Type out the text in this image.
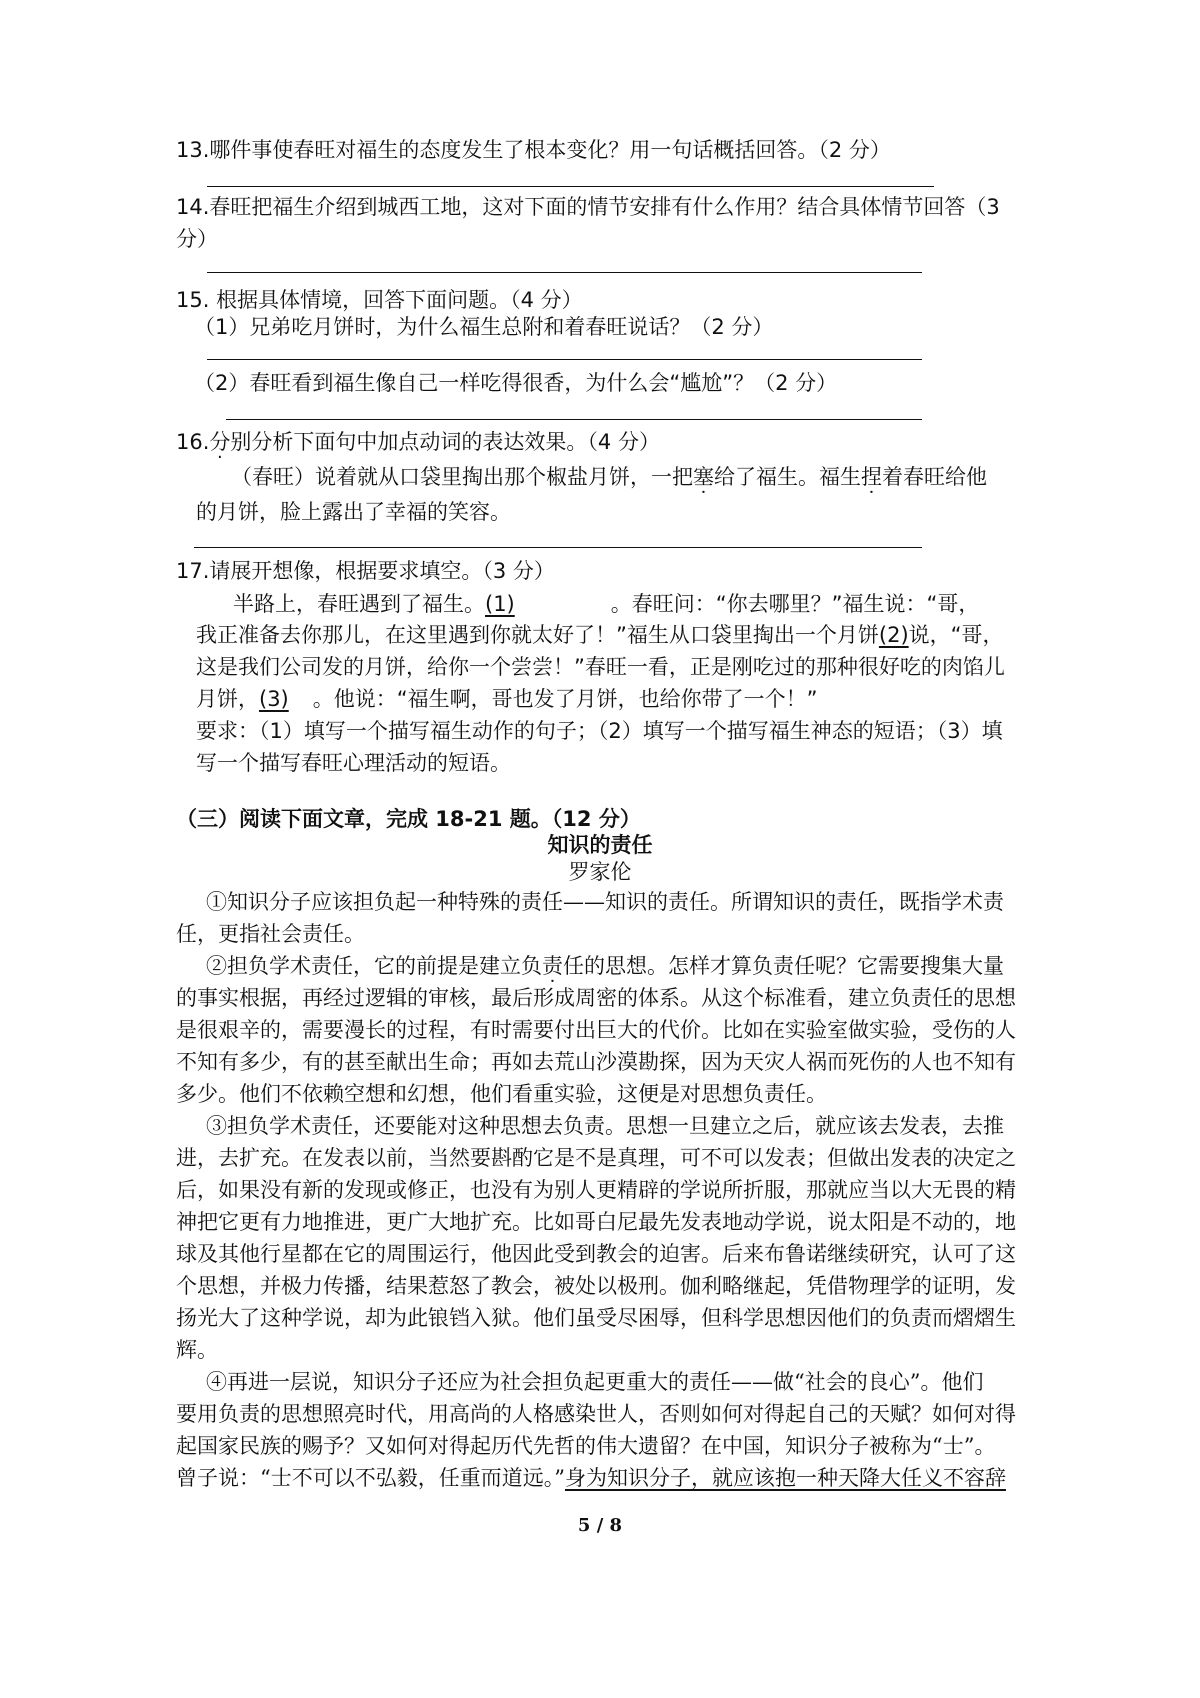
13.哪件事使春旺对福生的态度发生了根本变化？用一句话概括回答。（2 分）
14.春旺把福生介绍到城西工地，这对下面的情节安排有什么作用？结合具体情节回答（3
分）
15. 根据具体情境，回答下面问题。（4 分）
（1）兄弟吃月饼时，为什么福生总附和着春旺说话？（2 分）
（2）春旺看到福生像自己一样吃得很香，为什么会“尴尬”？（2 分）
16.分别分析下面句中加点动词的表达效果。（4 分）
（春旺）说着就从口袋里掏出那个椒盐月饼，一把塞给了福生。福生捏着春旺给他
的月饼，脸上露出了幸福的笑容。
17.请展开想像，根据要求填空。（3 分）
半路上，春旺遇到了福生。(1)	。春旺问：“你去哪里？”福生说：“哥，
我正准备去你那儿，在这里遇到你就太好了！”福生从口袋里掏出一个月饼(2)说，“哥，
这是我们公司发的月饼，给你一个尝尝！”春旺一看，正是刚吃过的那种很好吃的肉馅儿
月饼，(3) 。他说：“福生啊，哥也发了月饼，也给你带了一个！”
要求：（1）填写一个描写福生动作的句子；（2）填写一个描写福生神态的短语；（3）填
写一个描写春旺心理活动的短语。
（三）阅读下面文章，完成 18-21 题。（12 分）
知识的责任
罗家伦
①知识分子应该担负起一种特殊的责任——知识的责任。所谓知识的责任，既指学术责
任，更指社会责任。
②担负学术责任，它的前提是建立负责任的思想。怎样才算负责任呢？它需要搜集大量
的事实根据，再经过逻辑的审核，最后形成周密的体系。从这个标准看，建立负责任的思想
是很艰辛的，需要漫长的过程，有时需要付出巨大的代价。比如在实验室做实验，受伤的人
不知有多少，有的甚至献出生命；再如去荒山沙漠勘探，因为天灾人祸而死伤的人也不知有
多少。他们不依赖空想和幻想，他们看重实验，这便是对思想负责任。
③担负学术责任，还要能对这种思想去负责。思想一旦建立之后，就应该去发表，去推
进，去扩充。在发表以前，当然要斟酌它是不是真理，可不可以发表；但做出发表的决定之
后，如果没有新的发现或修正，也没有为别人更精辟的学说所折服，那就应当以大无畏的精
神把它更有力地推进，更广大地扩充。比如哥白尼最先发表地动学说，说太阳是不动的，地
球及其他行星都在它的周围运行，他因此受到教会的迫害。后来布鲁诺继续研究，认可了这
个思想，并极力传播，结果惹怒了教会，被处以极刑。伽利略继起，凭借物理学的证明，发
扬光大了这种学说，却为此锒铛入狱。他们虽受尽困辱，但科学思想因他们的负责而熠熠生
辉。
④再进一层说，知识分子还应为社会担负起更重大的责任——做“社会的良心”。他们
要用负责的思想照亮时代，用高尚的人格感染世人，否则如何对得起自己的天赋？如何对得
起国家民族的赐予？又如何对得起历代先哲的伟大遗留？在中国，知识分子被称为“士”。
曾子说：“士不可以不弘毅，任重而道远。”身为知识分子，就应该抱一种天降大任义不容辞
5 / 8
